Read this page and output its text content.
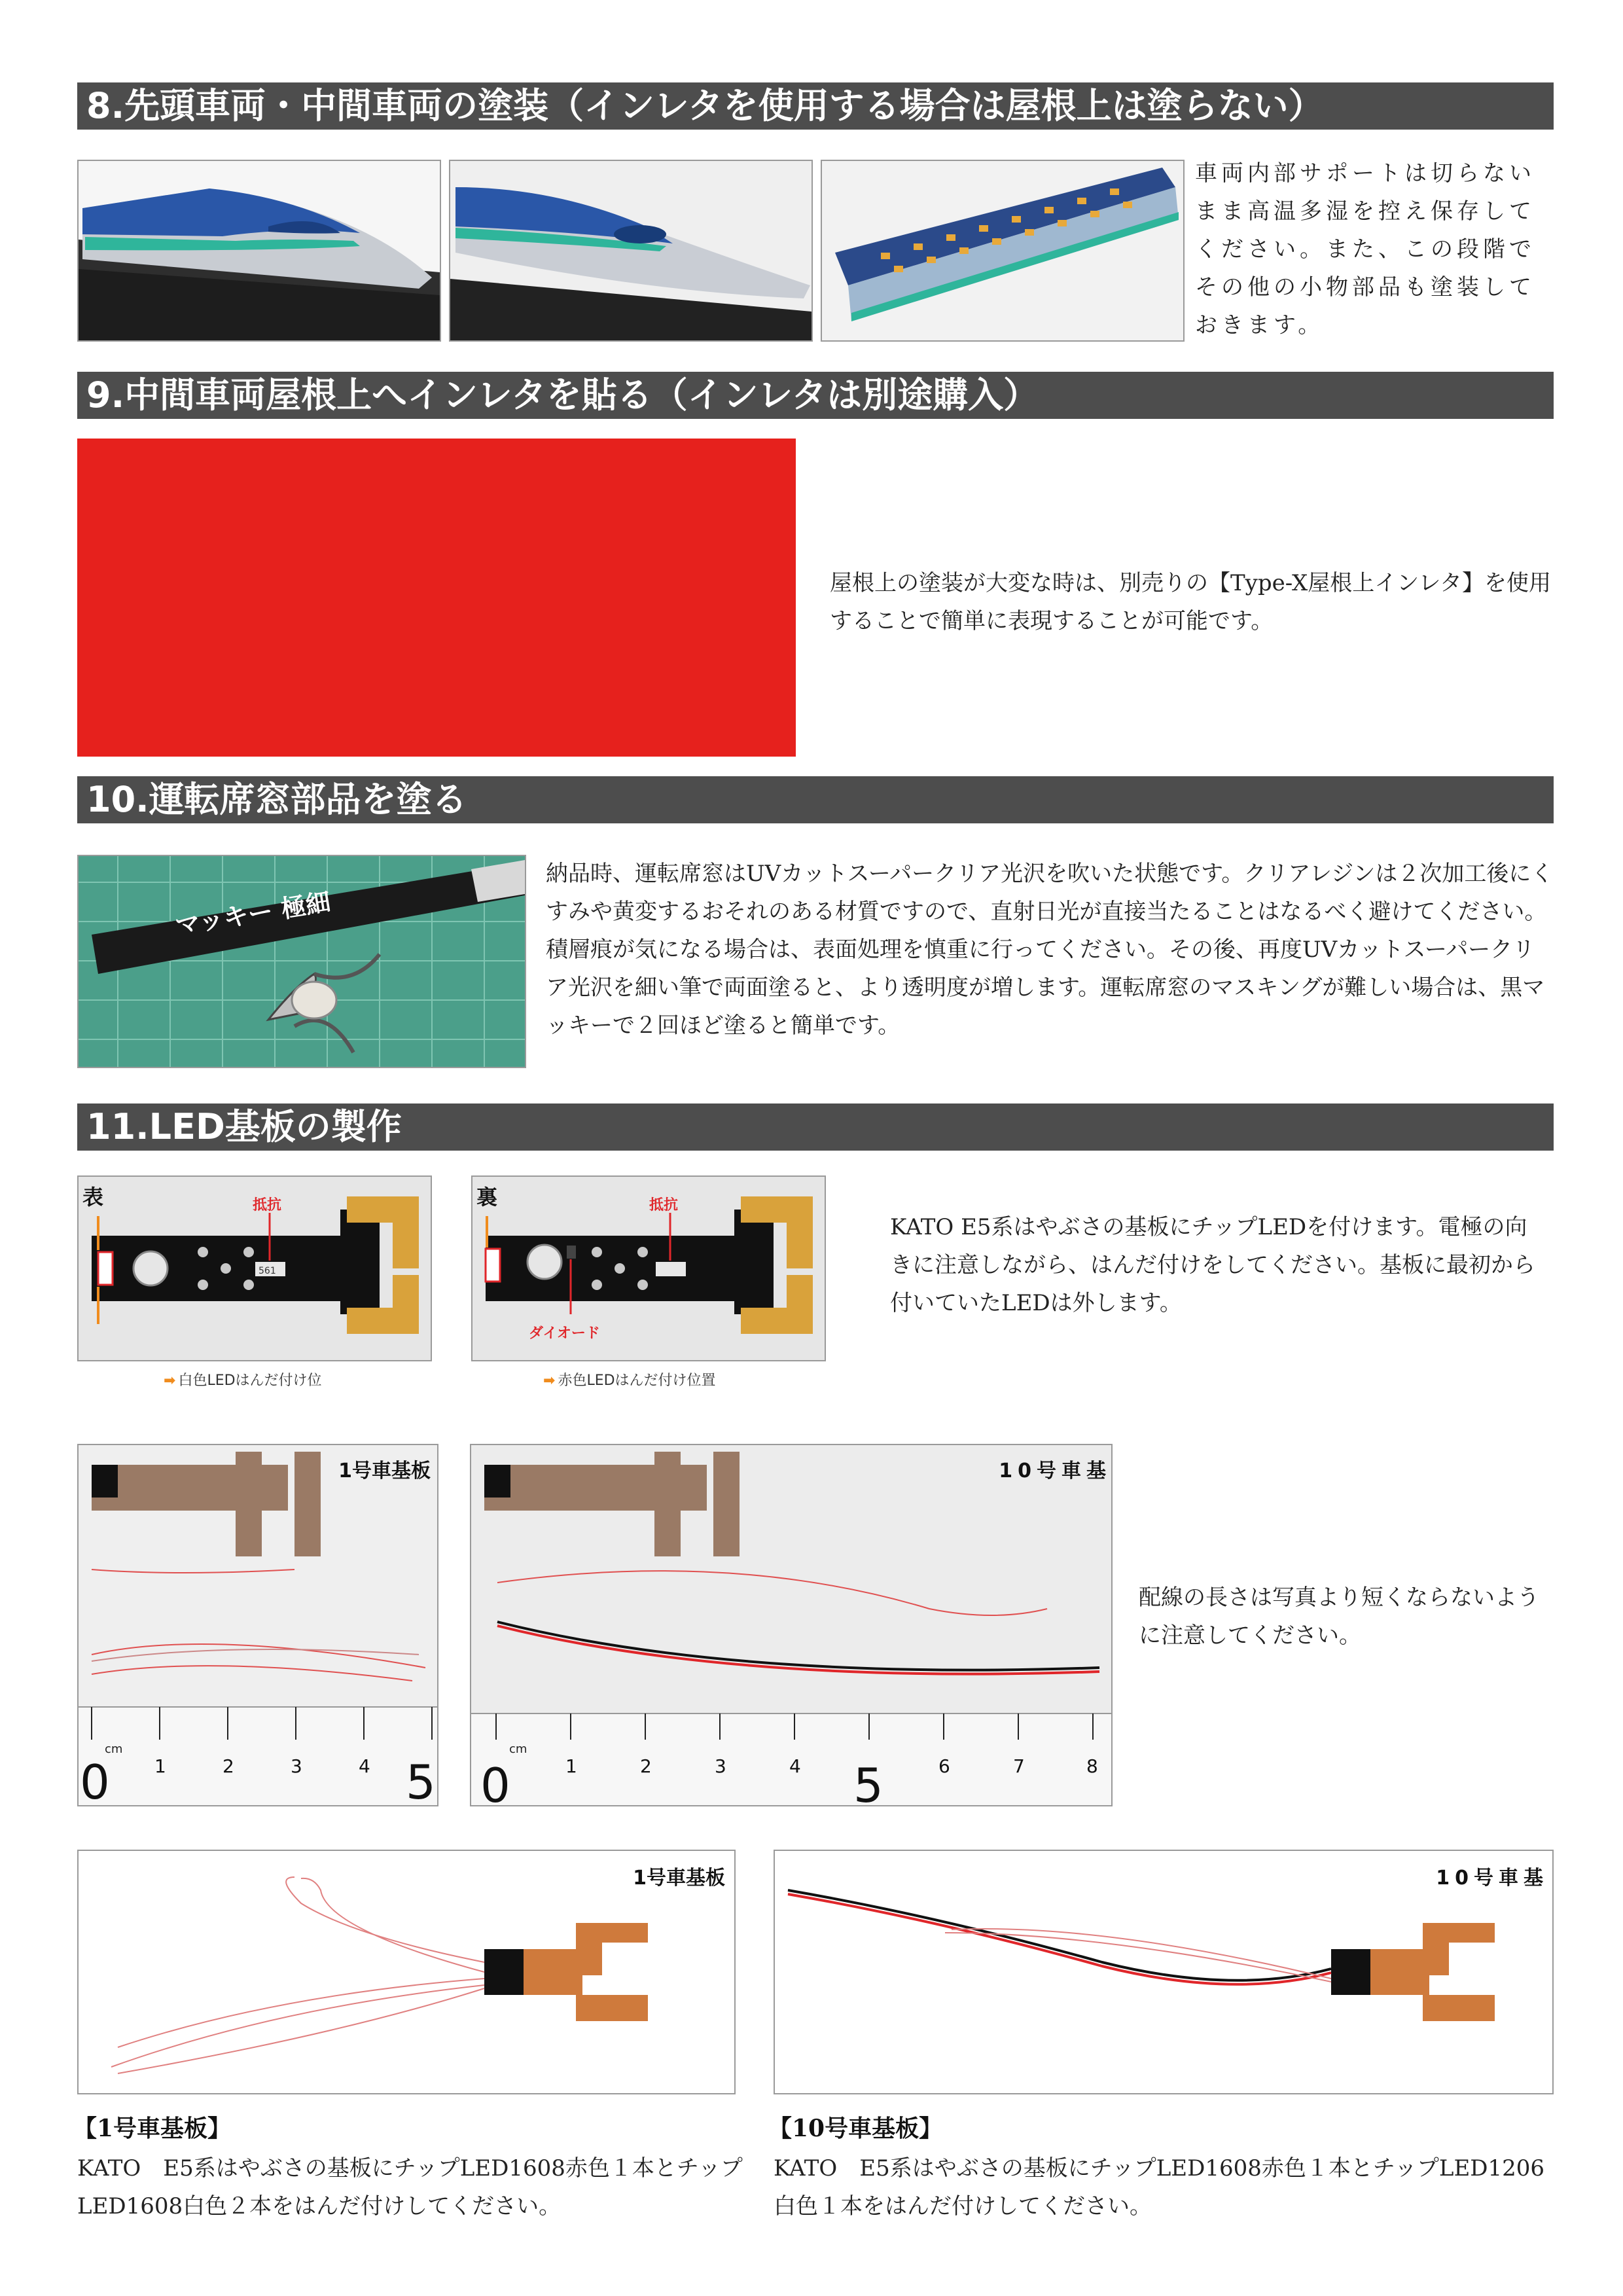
8.先頭車両・中間車両の塗装（インレタを使用する場合は屋根上は塗らない）
車両内部サポートは切らないまま高温多湿を控え保存してください。また、この段階でその他の小物部品も塗装しておきます。
9.中間車両屋根上へインレタを貼る（インレタは別途購入）
屋根上の塗装が大変な時は、別売りの【Type-X屋根上インレタ】を使用することで簡単に表現することが可能です。
10.運転席窓部品を塗る
マッキー 極細
納品時、運転席窓はUVカットスーパークリア光沢を吹いた状態です。クリアレジンは２次加工後にくすみや黄変するおそれのある材質ですので、直射日光が直接当たることはなるべく避けてください。積層痕が気になる場合は、表面処理を慎重に行ってください。その後、再度UVカットスーパークリア光沢を細い筆で両面塗ると、より透明度が増します。運転席窓のマスキングが難しい場合は、黒マッキーで２回ほど塗ると簡単です。
11.LED基板の製作
561
表	抵抗
➡ 白色LEDはんだ付け位
裏	抵抗
ダイオード
➡ 赤色LEDはんだ付け位置
KATO E5系はやぶさの基板にチップLEDを付けます。電極の向きに注意しながら、はんだ付けをしてください。基板に最初から付いていたLEDは外します。
cm
0 1	2	3	4 5
1号車基板
cm
0	1	2	3	4 5	6	7	8
10号車基
配線の長さは写真より短くならないように注意してください。
1号車基板	10号車基
【1号車基板】
KATO　E5系はやぶさの基板にチップLED1608赤色１本とチップLED1608白色２本をはんだ付けしてください。
【10号車基板】
KATO　E5系はやぶさの基板にチップLED1608赤色１本とチップLED1206白色１本をはんだ付けしてください。
